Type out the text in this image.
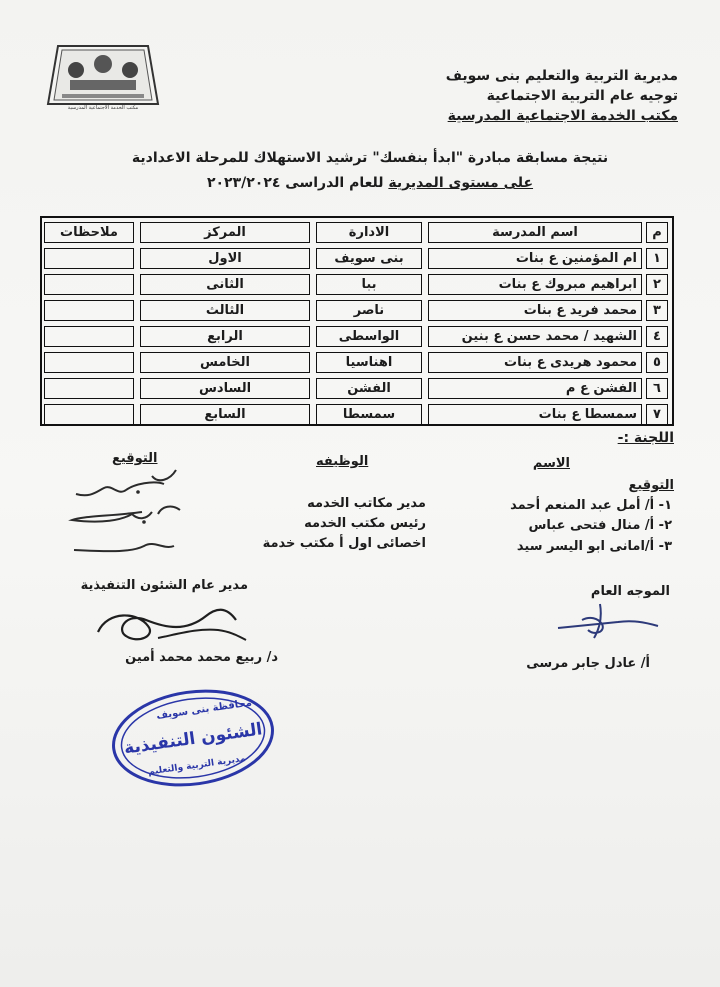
مكتب الخدمة الاجتماعية المدرسية
مديرية التربية والتعليم بنى سويف
توجيه عام التربية الاجتماعية
مكتب الخدمة الاجتماعية المدرسية
نتيجة مسابقة مبادرة "ابدأ بنفسك" ترشيد الاستهلاك للمرحلة الاعدادية
على مستوى المديرية للعام الدراسى ٢٠٢٣/٢٠٢٤
م
اسم المدرسة
الادارة
المركز
ملاحظات
١
ام المؤمنين ع بنات
بنى سويف
الاول
٢
ابراهيم مبروك ع بنات
ببا
الثانى
٣
محمد فريد ع بنات
ناصر
الثالث
٤
الشهيد / محمد حسن ع بنين
الواسطى
الرابع
٥
محمود هريدى ع بنات
اهناسيا
الخامس
٦
الفشن ع م
الفشن
السادس
٧
سمسطا ع بنات
سمسطا
السابع
اللجنة :-
الاسم
الوظيفه
التوقيع
التوقيع
١- أ/ أمل عبد المنعم أحمد
مدير مكاتب الخدمه
٢- أ/ منال فتحى عباس
رئيس مكتب الخدمه
٣- أ/امانى ابو اليسر سيد
اخصائى اول أ مكتب خدمة
مدير عام الشئون التنفيذية
د/ ربيع محمد محمد أمين
الموجه العام
أ/ عادل جابر مرسى
محافظة بنى سويف
الشئون التنفيذية
مديرية التربية والتعليم
